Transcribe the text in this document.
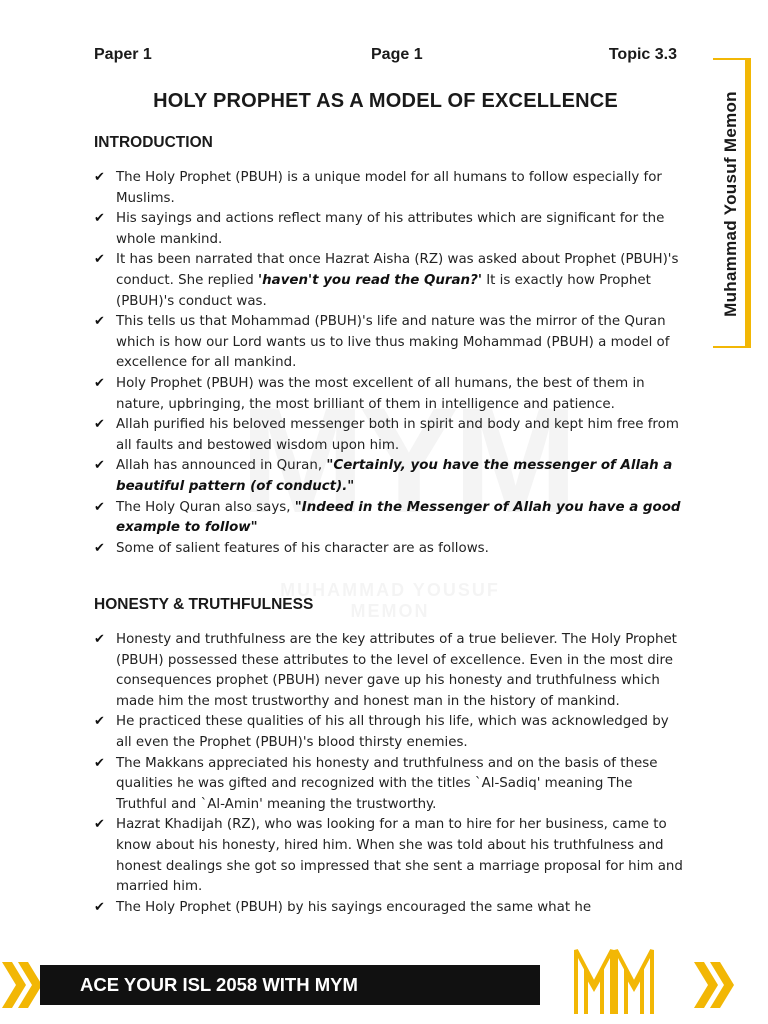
Paper 1	Page 1	Topic 3.3
Muhammad Yousuf Memon
HOLY PROPHET AS A MODEL OF EXCELLENCE
INTRODUCTION
✔ The Holy Prophet (PBUH) is a unique model for all humans to follow especially for Muslims.
✔ His sayings and actions reflect many of his attributes which are significant for the whole mankind.
✔ It has been narrated that once Hazrat Aisha (RZ) was asked about Prophet (PBUH)'s conduct. She replied 'haven't you read the Quran?' It is exactly how Prophet (PBUH)'s conduct was.
✔ This tells us that Mohammad (PBUH)'s life and nature was the mirror of the Quran which is how our Lord wants us to live thus making Mohammad (PBUH) a model of excellence for all mankind.
✔ Holy Prophet (PBUH) was the most excellent of all humans, the best of them in nature, upbringing, the most brilliant of them in intelligence and patience.
✔ Allah purified his beloved messenger both in spirit and body and kept him free from all faults and bestowed wisdom upon him.
✔ Allah has announced in Quran, "Certainly, you have the messenger of Allah a beautiful pattern (of conduct)."
✔ The Holy Quran also says, "Indeed in the Messenger of Allah you have a good example to follow"
✔ Some of salient features of his character are as follows.
HONESTY & TRUTHFULNESS
✔ Honesty and truthfulness are the key attributes of a true believer. The Holy Prophet (PBUH) possessed these attributes to the level of excellence. Even in the most dire consequences prophet (PBUH) never gave up his honesty and truthfulness which made him the most trustworthy and honest man in the history of mankind.
✔ He practiced these qualities of his all through his life, which was acknowledged by all even the Prophet (PBUH)'s blood thirsty enemies.
✔ The Makkans appreciated his honesty and truthfulness and on the basis of these qualities he was gifted and recognized with the titles `Al-Sadiq' meaning The Truthful and `Al-Amin' meaning the trustworthy.
✔ Hazrat Khadijah (RZ), who was looking for a man to hire for her business, came to know about his honesty, hired him. When she was told about his truthfulness and honest dealings she got so impressed that she sent a marriage proposal for him and married him.
✔ The Holy Prophet (PBUH) by his sayings encouraged the same what he
ACE YOUR ISL 2058 WITH MYM
